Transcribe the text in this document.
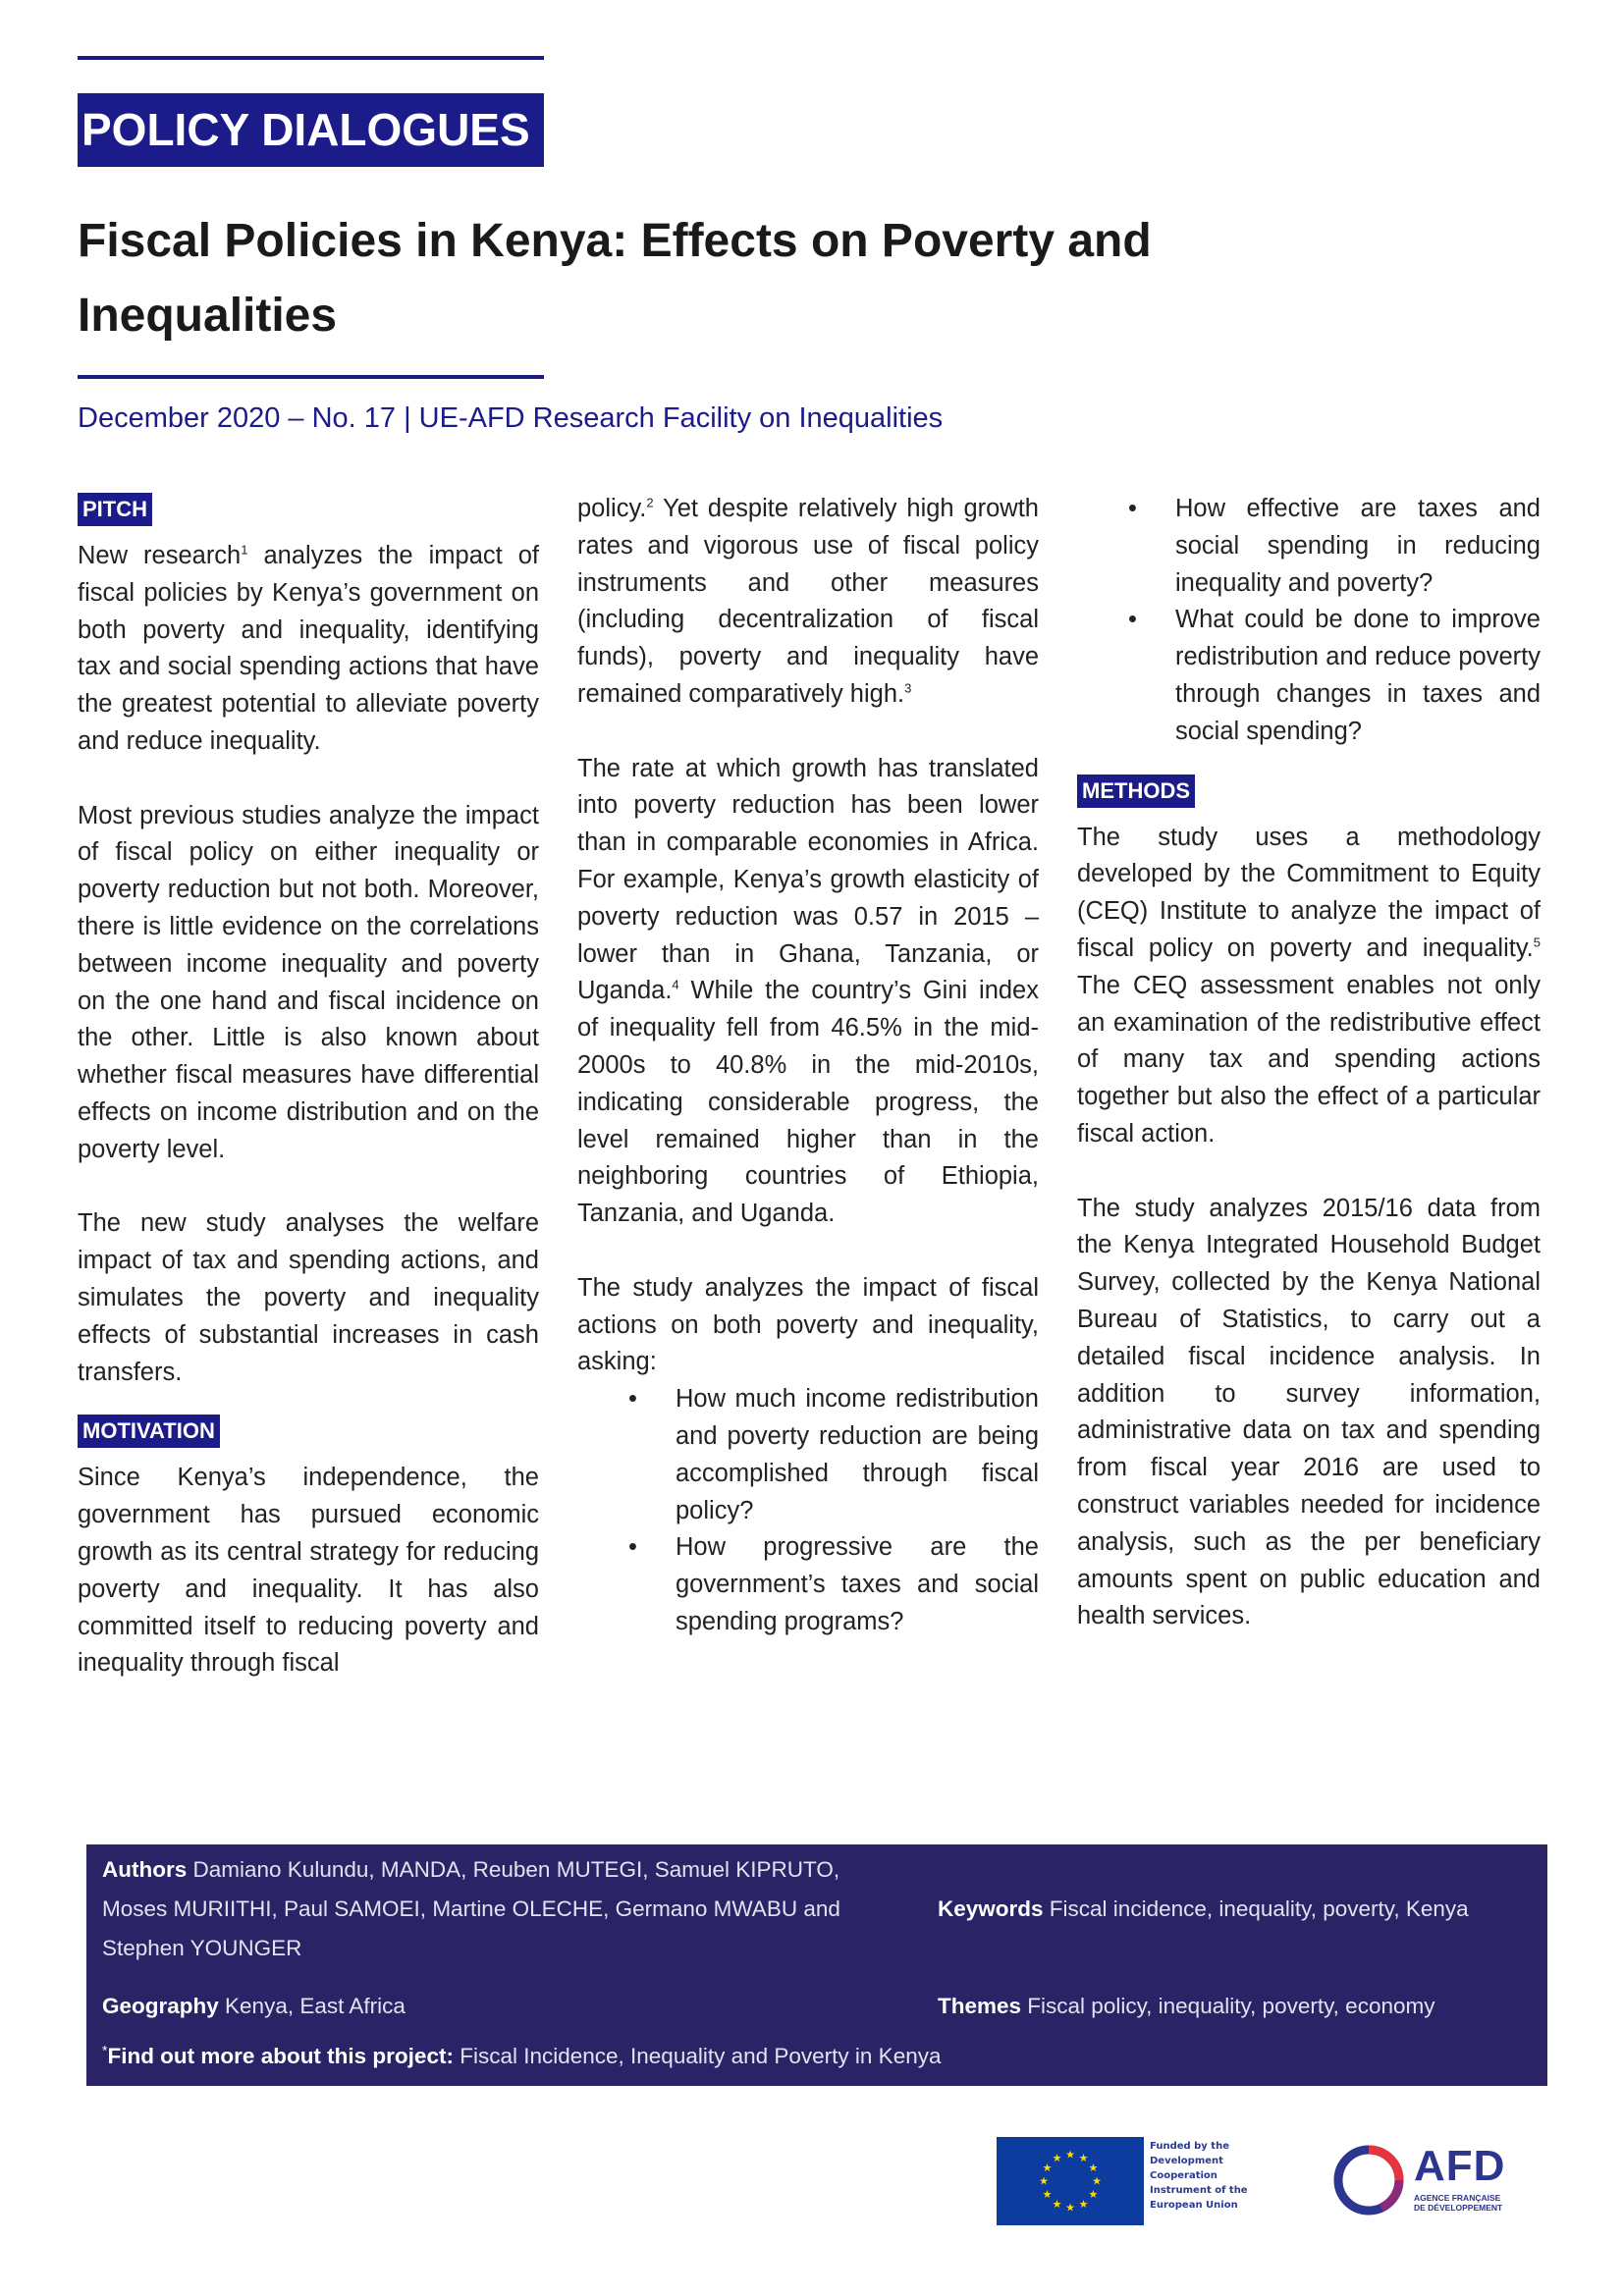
POLICY DIALOGUES
Fiscal Policies in Kenya: Effects on Poverty and
Inequalities
December 2020 – No. 17 | UE-AFD Research Facility on Inequalities
PITCH

New research$^1$ analyzes the impact of fiscal policies by Kenya’s government on both poverty and inequality, identifying tax and social spending actions that have the greatest potential to alleviate poverty and reduce inequality.

Most previous studies analyze the impact of fiscal policy on either inequality or poverty reduction but not both. Moreover, there is little evidence on the correlations between income inequality and poverty on the one hand and fiscal incidence on the other. Little is also known about whether fiscal measures have differential effects on income distribution and on the poverty level.

The new study analyses the welfare impact of tax and spending actions, and simulates the poverty and inequality effects of substantial increases in cash transfers.

MOTIVATION

Since Kenya’s independence, the government has pursued economic growth as its central strategy for reducing poverty and inequality. It has also committed itself to reducing poverty and inequality through fiscal

policy.$^2$ Yet despite relatively high growth rates and vigorous use of fiscal policy instruments and other measures (including decentralization of fiscal funds), poverty and inequality have remained comparatively high.$^3$

The rate at which growth has translated into poverty reduction has been lower than in comparable economies in Africa. For example, Kenya’s growth elasticity of poverty reduction was 0.57 in 2015 – lower than in Ghana, Tanzania, or Uganda.$^4$ While the country’s Gini index of inequality fell from 46.5% in the mid-2000s to 40.8% in the mid-2010s, indicating considerable progress, the level remained higher than in the neighboring countries of Ethiopia, Tanzania, and Uganda.

The study analyzes the impact of fiscal actions on both poverty and inequality, asking:

• How much income redistribution and poverty reduction are being accomplished through fiscal policy?
• How progressive are the government’s taxes and social spending programs?
• How effective are taxes and social spending in reducing inequality and poverty?
• What could be done to improve redistribution and reduce poverty through changes in taxes and social spending?
METHODS

The study uses a methodology developed by the Commitment to Equity (CEQ) Institute to analyze the impact of fiscal policy on poverty and inequality.$^5$ The CEQ assessment enables not only an examination of the redistributive effect of many tax and spending actions together but also the effect of a particular fiscal action.

The study analyzes 2015/16 data from the Kenya Integrated Household Budget Survey, collected by the Kenya National Bureau of Statistics, to carry out a detailed fiscal incidence analysis. In addition to survey information, administrative data on tax and spending from fiscal year 2016 are used to construct variables needed for incidence analysis, such as the per beneficiary amounts spent on public education and health services.

Authors Damiano Kulundu, MANDA, Reuben MUTEGI, Samuel KIPRUTO, Moses MURIITHI, Paul SAMOEI, Martine OLECHE, Germano MWABU and Stephen YOUNGER
Keywords Fiscal incidence, inequality, poverty, Kenya
Geography Kenya, East Africa	Themes Fiscal policy, inequality, poverty, economy
*Find out more about this project: Fiscal Incidence, Inequality and Poverty in Kenya
★ ★
★
★
★
★
★
★
★
★
★
★
Funded by the Development Cooperation Instrument of the European Union
AFD
AGENCE FRANÇAISE DE DÉVELOPPEMENT
